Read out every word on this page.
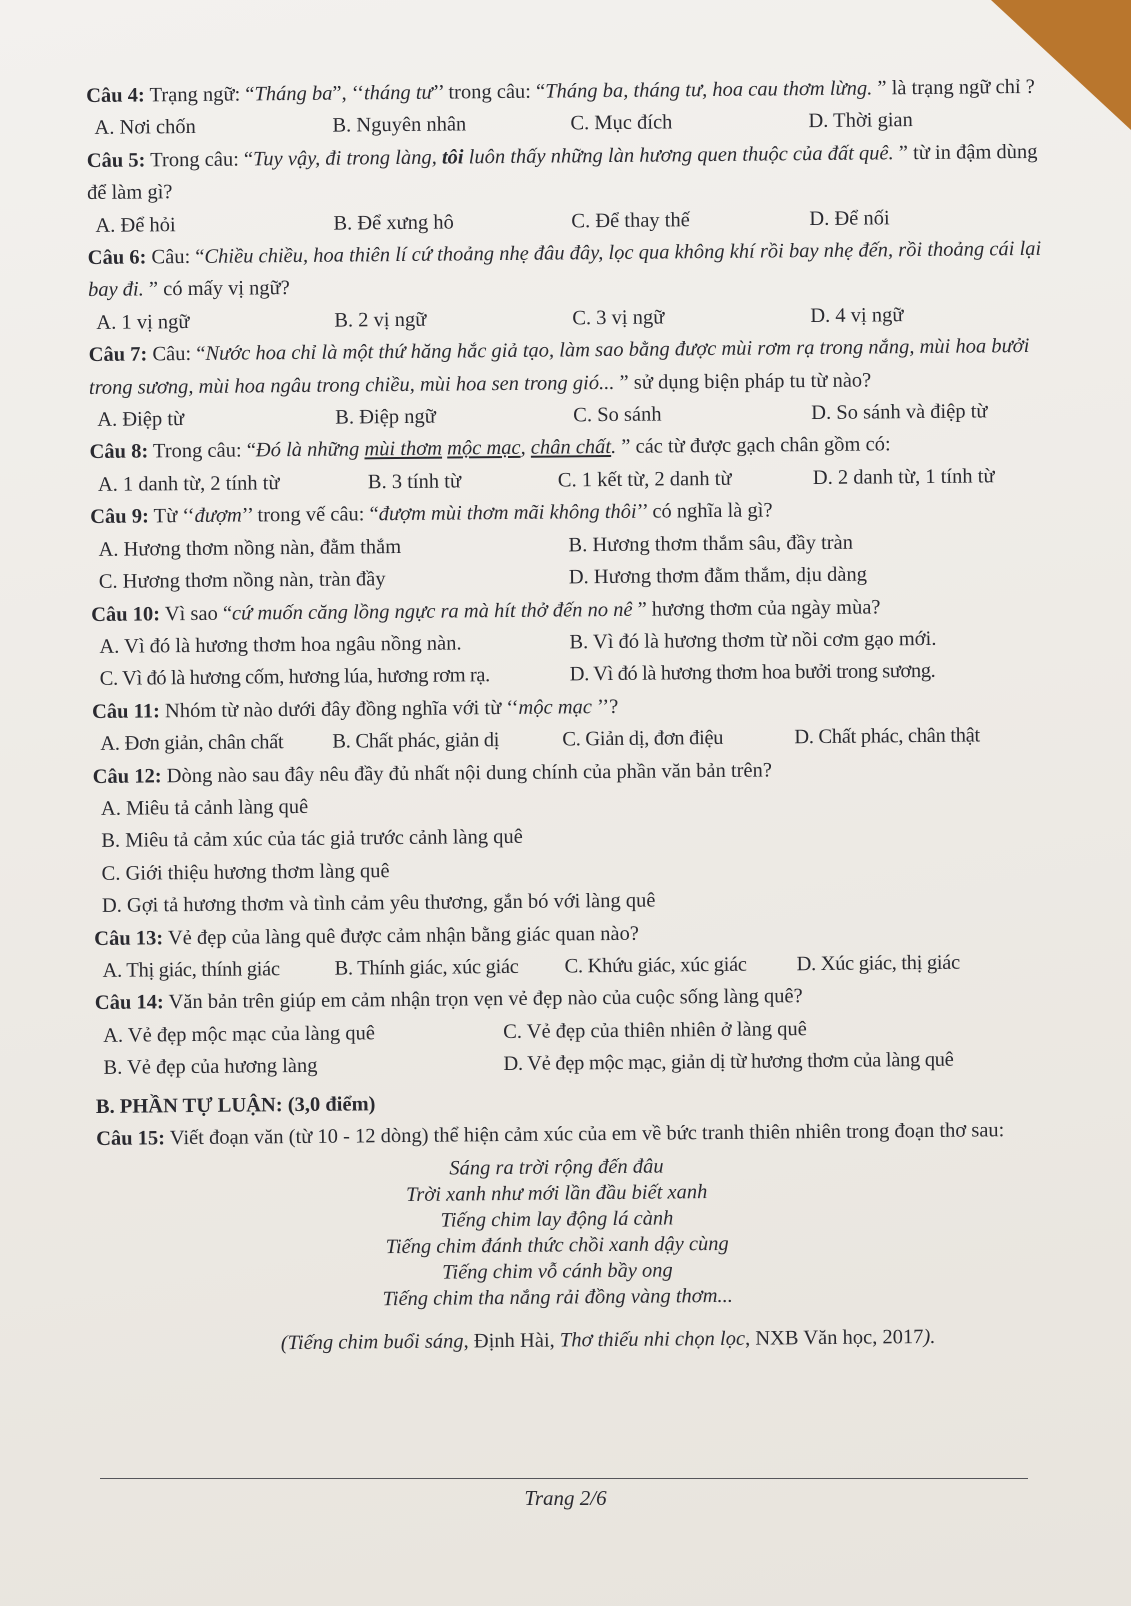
Câu 4: Trạng ngữ: “Tháng ba”, ‘‘tháng tư’’ trong câu: “Tháng ba, tháng tư, hoa cau thơm lừng. ” là trạng ngữ chỉ ?

A. Nơi chốn	B. Nguyên nhân	C. Mục đích	D. Thời gian

Câu 5: Trong câu: “Tuy vậy, đi trong làng, tôi luôn thấy những làn hương quen thuộc của đất quê. ” từ in đậm dùng để làm gì?

A. Để hỏi	B. Để xưng hô	C. Để thay thế	D. Để nối

Câu 6: Câu: “Chiều chiều, hoa thiên lí cứ thoảng nhẹ đâu đây, lọc qua không khí rồi bay nhẹ đến, rồi thoảng cái lại bay đi. ” có mấy vị ngữ?

A. 1 vị ngữ	B. 2 vị ngữ	C. 3 vị ngữ	D. 4 vị ngữ

Câu 7: Câu: “Nước hoa chỉ là một thứ hăng hắc giả tạo, làm sao bằng được mùi rơm rạ trong nắng, mùi hoa bưởi trong sương, mùi hoa ngâu trong chiều, mùi hoa sen trong gió... ” sử dụng biện pháp tu từ nào?

A. Điệp từ	B. Điệp ngữ	C. So sánh	D. So sánh và điệp từ

Câu 8: Trong câu: “Đó là những mùi thơm mộc mạc, chân chất. ” các từ được gạch chân gồm có:

A. 1 danh từ, 2 tính từ	B. 3 tính từ	C. 1 kết từ, 2 danh từ	D. 2 danh từ, 1 tính từ

Câu 9: Từ ‘‘đượm’’ trong vế câu: “đượm mùi thơm mãi không thôi’’ có nghĩa là gì?

A. Hương thơm nồng nàn, đằm thắm	B. Hương thơm thắm sâu, đầy tràn
C. Hương thơm nồng nàn, tràn đầy	D. Hương thơm đằm thắm, dịu dàng

Câu 10: Vì sao “cứ muốn căng lồng ngực ra mà hít thở đến no nê ” hương thơm của ngày mùa?

A. Vì đó là hương thơm hoa ngâu nồng nàn.	B. Vì đó là hương thơm từ nồi cơm gạo mới.
C. Vì đó là hương cốm, hương lúa, hương rơm rạ.	D. Vì đó là hương thơm hoa bưởi trong sương.

Câu 11: Nhóm từ nào dưới đây đồng nghĩa với từ ‘‘mộc mạc ’’?

A. Đơn giản, chân chất	B. Chất phác, giản dị	C. Giản dị, đơn điệu	D. Chất phác, chân thật

Câu 12: Dòng nào sau đây nêu đầy đủ nhất nội dung chính của phần văn bản trên?

A. Miêu tả cảnh làng quê
B. Miêu tả cảm xúc của tác giả trước cảnh làng quê
C. Giới thiệu hương thơm làng quê
D. Gợi tả hương thơm và tình cảm yêu thương, gắn bó với làng quê

Câu 13: Vẻ đẹp của làng quê được cảm nhận bằng giác quan nào?

A. Thị giác, thính giác	B. Thính giác, xúc giác	C. Khứu giác, xúc giác	D. Xúc giác, thị giác

Câu 14: Văn bản trên giúp em cảm nhận trọn vẹn vẻ đẹp nào của cuộc sống làng quê?

A. Vẻ đẹp mộc mạc của làng quê	C. Vẻ đẹp của thiên nhiên ở làng quê
B. Vẻ đẹp của hương làng	D. Vẻ đẹp mộc mạc, giản dị từ hương thơm của làng quê

B. PHẦN TỰ LUẬN: (3,0 điểm)

Câu 15: Viết đoạn văn (từ 10 - 12 dòng) thể hiện cảm xúc của em về bức tranh thiên nhiên trong đoạn thơ sau:

Sáng ra trời rộng đến đâu
Trời xanh như mới lần đầu biết xanh
Tiếng chim lay động lá cành
Tiếng chim đánh thức chồi xanh dậy cùng
Tiếng chim vỗ cánh bầy ong
Tiếng chim tha nắng rải đồng vàng thơm...
(Tiếng chim buổi sáng, Định Hài, Thơ thiếu nhi chọn lọc, NXB Văn học, 2017).
Trang 2/6
